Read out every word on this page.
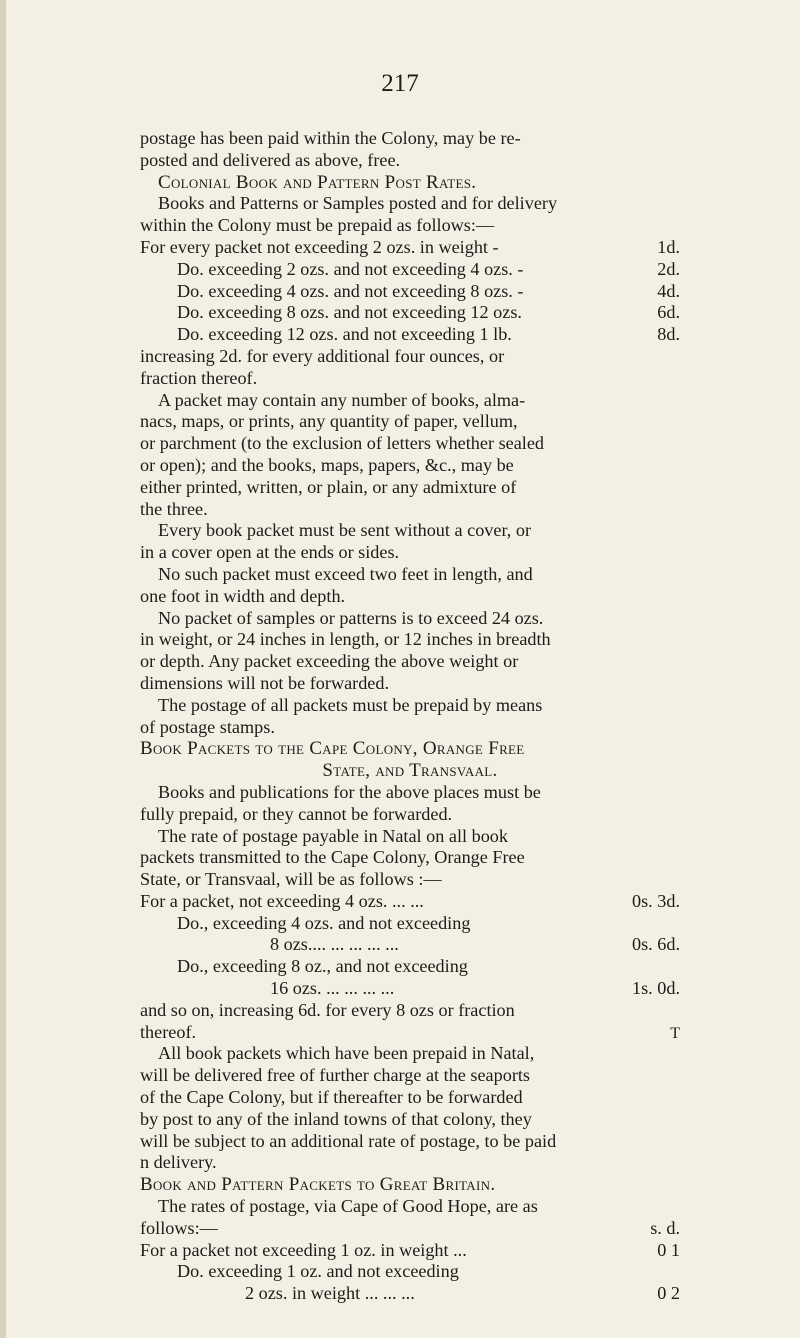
217
postage has been paid within the Colony, may be re-
posted and delivered as above, free.
Colonial Book and Pattern Post Rates.
Books and Patterns or Samples posted and for delivery
within the Colony must be prepaid as follows:—
For every packet not exceeding 2 ozs. in weight -	1d.
Do. exceeding 2 ozs. and not exceeding 4 ozs. -	2d.
Do. exceeding 4 ozs. and not exceeding 8 ozs. -	4d.
Do. exceeding 8 ozs. and not exceeding 12 ozs.	6d.
Do. exceeding 12 ozs. and not exceeding 1 lb.	8d.
increasing 2d. for every additional four ounces, or
fraction thereof.
A packet may contain any number of books, alma-
nacs, maps, or prints, any quantity of paper, vellum,
or parchment (to the exclusion of letters whether sealed
or open); and the books, maps, papers, &c., may be
either printed, written, or plain, or any admixture of
the three.
Every book packet must be sent without a cover, or
in a cover open at the ends or sides.
No such packet must exceed two feet in length, and
one foot in width and depth.
No packet of samples or patterns is to exceed 24 ozs.
in weight, or 24 inches in length, or 12 inches in breadth
or depth. Any packet exceeding the above weight or
dimensions will not be forwarded.
The postage of all packets must be prepaid by means
of postage stamps.
Book Packets to the Cape Colony, Orange Free
State, and Transvaal.
Books and publications for the above places must be
fully prepaid, or they cannot be forwarded.
The rate of postage payable in Natal on all book
packets transmitted to the Cape Colony, Orange Free
State, or Transvaal, will be as follows :—
For a packet, not exceeding 4 ozs. ... ...	0s. 3d.
Do., exceeding 4 ozs. and not exceeding
8 ozs.... ... ... ... ...	0s. 6d.
Do., exceeding 8 oz., and not exceeding
16 ozs. ... ... ... ...	1s. 0d.
and so on, increasing 6d. for every 8 ozs or fraction
thereof.
All book packets which have been prepaid in Natal,
will be delivered free of further charge at the seaports
of the Cape Colony, but if thereafter to be forwarded
by post to any of the inland towns of that colony, they
will be subject to an additional rate of postage, to be paid
n delivery.
Book and Pattern Packets to Great Britain.
The rates of postage, via Cape of Good Hope, are as
follows:—	s. d.
For a packet not exceeding 1 oz. in weight ...	0 1
Do. exceeding 1 oz. and not exceeding
2 ozs. in weight ... ... ...	0 2
T
